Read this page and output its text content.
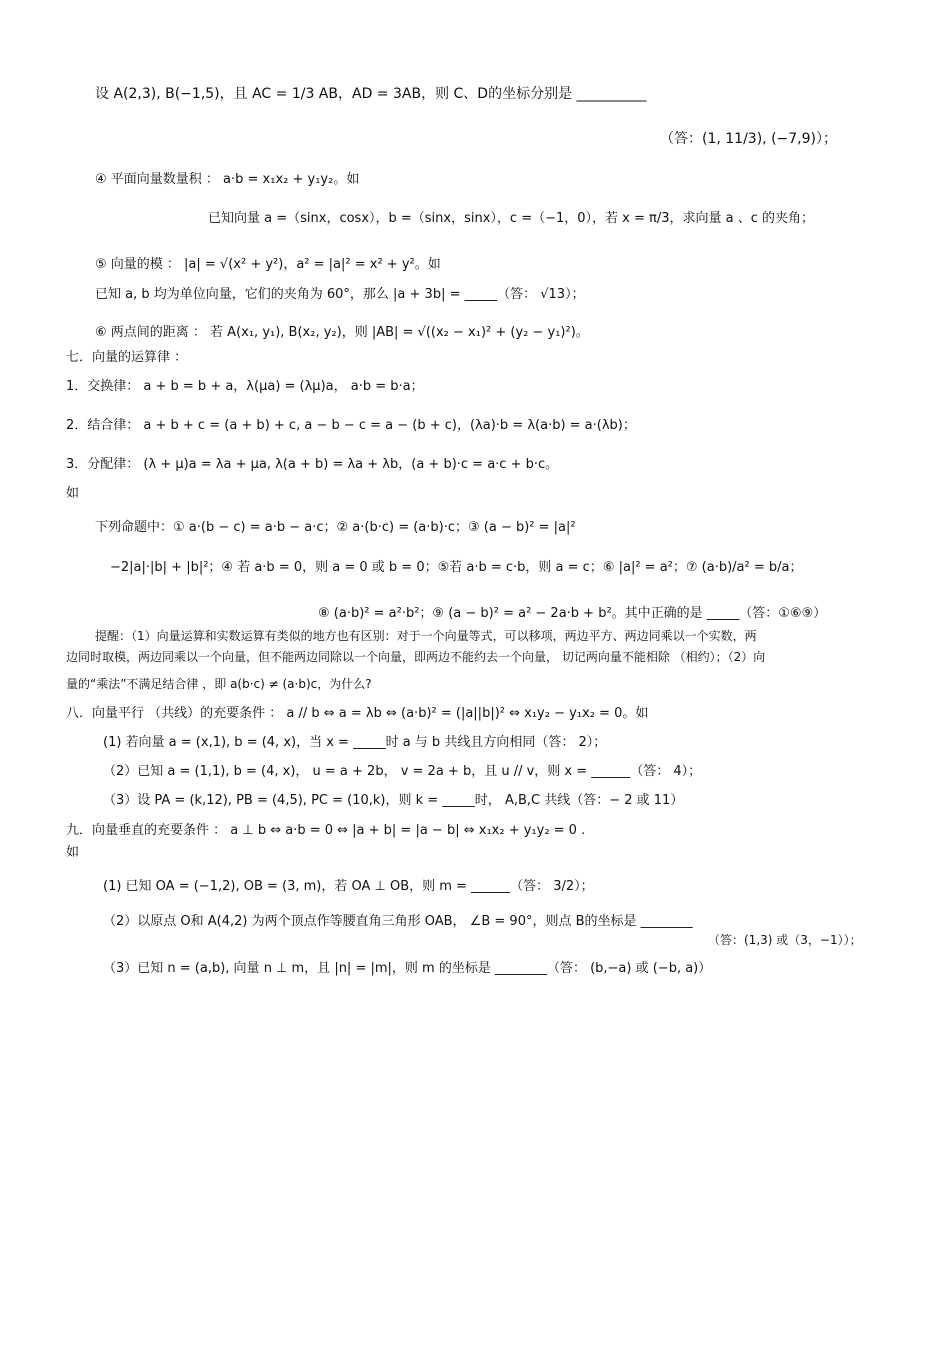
设 A(2,3), B(−1,5)，且 AC = 1/3 AB，AD = 3AB，则 C、D的坐标分别是 __________
（答：(1, 11/3), (−7,9)）；
④ 平面向量数量积 ： a·b = x₁x₂ + y₁y₂。如
已知向量 a =（sinx，cosx），b =（sinx，sinx），c =（−1，0），若 x = π/3，求向量 a 、c 的夹角；
⑤ 向量的模 ： |a| = √(x² + y²)，a² = |a|² = x² + y²。如
已知 a, b 均为单位向量，它们的夹角为 60°，那么 |a + 3b| = _____（答： √13）；
⑥ 两点间的距离 ： 若 A(x₁, y₁), B(x₂, y₂)，则 |AB| = √((x₂ − x₁)² + (y₂ − y₁)²)。
七．向量的运算律 ：
1．交换律： a + b = b + a，λ(μa) = (λμ)a， a·b = b·a；
2．结合律： a + b + c = (a + b) + c, a − b − c = a − (b + c)，(λa)·b = λ(a·b) = a·(λb)；
3．分配律： (λ + μ)a = λa + μa, λ(a + b) = λa + λb，(a + b)·c = a·c + b·c。
如
下列命题中：① a·(b − c) = a·b − a·c；② a·(b·c) = (a·b)·c；③ (a − b)² = |a|²
−2|a|·|b| + |b|²；④ 若 a·b = 0，则 a = 0 或 b = 0；⑤若 a·b = c·b，则 a = c；⑥ |a|² = a²；⑦ (a·b)/a² = b/a；
⑧ (a·b)² = a²·b²；⑨ (a − b)² = a² − 2a·b + b²。其中正确的是 _____（答：①⑥⑨）
提醒：（1）向量运算和实数运算有类似的地方也有区别：对于一个向量等式，可以移项，两边平方、两边同乘以一个实数，两
边同时取模，两边同乘以一个向量，但不能两边同除以一个向量，即两边不能约去一个向量， 切记两向量不能相除 （相约）；（2）向
量的“乘法”不满足结合律 ，即 a(b·c) ≠ (a·b)c，为什么?
八．向量平行 （共线）的充要条件 ： a // b ⇔ a = λb ⇔ (a·b)² = (|a||b|)² ⇔ x₁y₂ − y₁x₂ = 0。如
(1) 若向量 a = (x,1), b = (4, x)，当 x = _____时 a 与 b 共线且方向相同（答： 2）；
（2）已知 a = (1,1), b = (4, x)， u = a + 2b， v = 2a + b，且 u // v，则 x = ______（答： 4）；
（3）设 PA = (k,12), PB = (4,5), PC = (10,k)，则 k = _____时， A,B,C 共线（答：− 2 或 11）
九．向量垂直的充要条件 ： a ⊥ b ⇔ a·b = 0 ⇔ |a + b| = |a − b| ⇔ x₁x₂ + y₁y₂ = 0 .
如
(1) 已知 OA = (−1,2), OB = (3, m)，若 OA ⊥ OB，则 m = ______（答： 3/2）；
（2）以原点 O和 A(4,2) 为两个顶点作等腰直角三角形 OAB， ∠B = 90°，则点 B的坐标是 ________
（答：(1,3) 或（3，−1））；
（3）已知 n = (a,b), 向量 n ⊥ m，且 |n| = |m|，则 m 的坐标是 ________（答： (b,−a) 或 (−b, a)）
